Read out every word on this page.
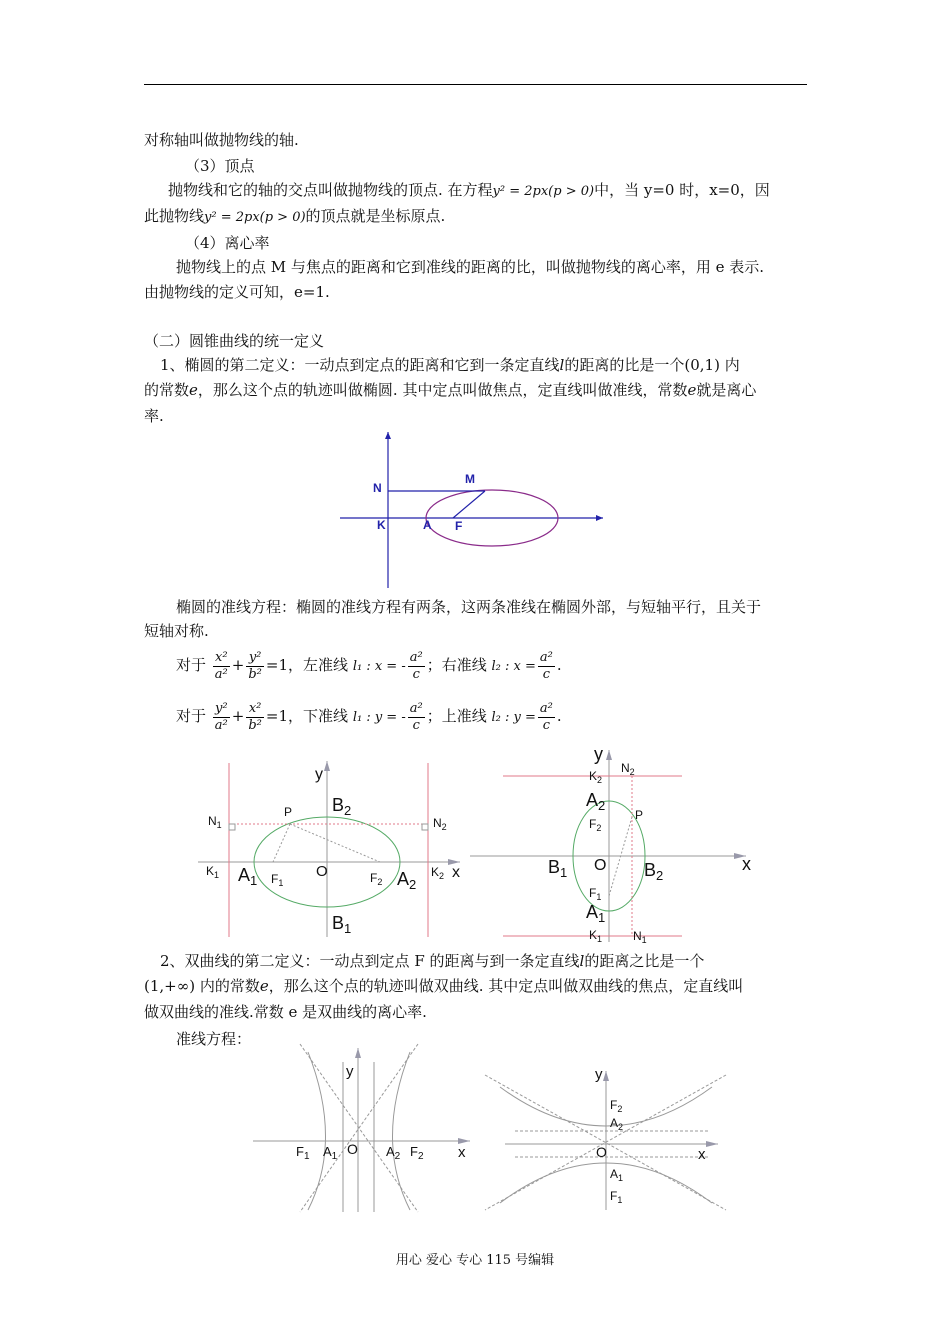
对称轴叫做抛物线的轴.
（3）顶点
抛物线和它的轴的交点叫做抛物线的顶点. 在方程y² = 2px(p > 0)中，当 y=0 时，x=0，因
此抛物线y² = 2px(p > 0)的顶点就是坐标原点.
（4）离心率
抛物线上的点 M 与焦点的距离和它到准线的距离的比，叫做抛物线的离心率，用 e 表示.
由抛物线的定义可知，e=1.
（二）圆锥曲线的统一定义
1、椭圆的第二定义：一动点到定点的距离和它到一条定直线l的距离的比是一个(0,1) 内
的常数e，那么这个点的轨迹叫做椭圆. 其中定点叫做焦点，定直线叫做准线，常数e就是离心
率.
N
M
K	A F
椭圆的准线方程：椭圆的准线方程有两条，这两条准线在椭圆外部，与短轴平行，且关于
短轴对称.
对于 $\frac{\text{x²}}{\text{a²}} + \frac{\text{y²}}{\text{b²}} =1$，左准线 l₁ : x = - $\frac{\text{a²}}{c}$ ；右准线 l₂ : $x = \frac{\text{a²}}{c}$ .
对于 $\frac{\text{y²}}{\text{a²}} + \frac{\text{x²}}{\text{b²}} =1$，下准线 l₁ : y = - $\frac{\text{a²}}{c}$ ；上准线 l₂ : $y = \frac{\text{a²}}{c}$ .
y
x
O
$B_2$
$B_1$
$A_1$	$A_2$
$F_1$	$F_2$
$N_1$	$N_2$
$K_1$	$K_2$
P
y
x
O
$A_2$
$A_1$
$B_1$	$B_2$
$F_2$
$F_1$
$N_2$
$N_1$
$K_2$
$K_1$
P
2、双曲线的第二定义：一动点到定点 F 的距离与到一条定直线l的距离之比是一个
(1,+∞) 内的常数e，那么这个点的轨迹叫做双曲线. 其中定点叫做双曲线的焦点，定直线叫
做双曲线的准线.常数 e 是双曲线的离心率.
准线方程：
y
x
O
$F_1$ $A_1$	$A_2$ $F_2$
y
x
O
$F_2$
$A_2$
$A_1$
$F_1$
用心 爱心 专心 115 号编辑
